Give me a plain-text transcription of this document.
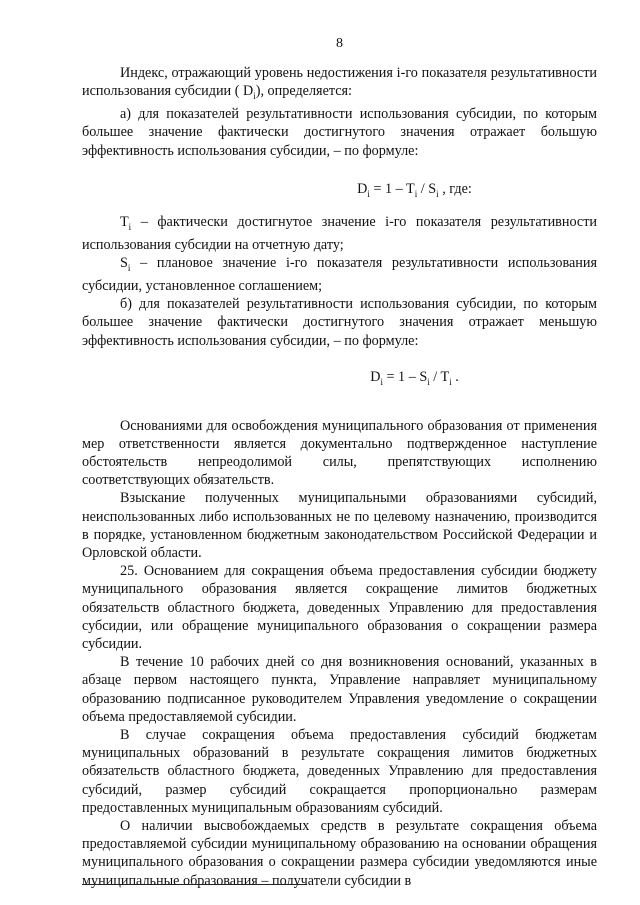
8

Индекс, отражающий уровень недостижения i-го показателя результативности использования субсидии ( $D_i$), определяется:

а) для показателей результативности использования субсидии, по которым большее значение фактически достигнутого значения отражает большую эффективность использования субсидии, – по формуле:

$D_i = 1 - T_i / S_i$ , где:

$T_i$ – фактически достигнутое значение i-го показателя результативности использования субсидии на отчетную дату;

$S_i$ – плановое значение i-го показателя результативности использования субсидии, установленное соглашением;

б) для показателей результативности использования субсидии, по которым большее значение фактически достигнутого значения отражает меньшую эффективность использования субсидии, – по формуле:

$D_i = 1 - S_i / T_i$ .

Основаниями для освобождения муниципального образования от применения мер ответственности является документально подтвержденное наступление обстоятельств непреодолимой силы, препятствующих исполнению соответствующих обязательств.

Взыскание полученных муниципальными образованиями субсидий, неиспользованных либо использованных не по целевому назначению, производится в порядке, установленном бюджетным законодательством Российской Федерации и Орловской области.

25. Основанием для сокращения объема предоставления субсидии бюджету муниципального образования является сокращение лимитов бюджетных обязательств областного бюджета, доведенных Управлению для предоставления субсидии, или обращение муниципального образования о сокращении размера субсидии.

В течение 10 рабочих дней со дня возникновения оснований, указанных в абзаце первом настоящего пункта, Управление направляет муниципальному образованию подписанное руководителем Управления уведомление о сокращении объема предоставляемой субсидии.

В случае сокращения объема предоставления субсидий бюджетам муниципальных образований в результате сокращения лимитов бюджетных обязательств областного бюджета, доведенных Управлению для предоставления субсидий, размер субсидий сокращается пропорционально размерам предоставленных муниципальным образованиям субсидий.

О наличии высвобождаемых средств в результате сокращения объема предоставляемой субсидии муниципальному образованию на основании обращения муниципального образования о сокращении размера субсидии уведомляются иные муниципальные образования – получатели субсидии в
